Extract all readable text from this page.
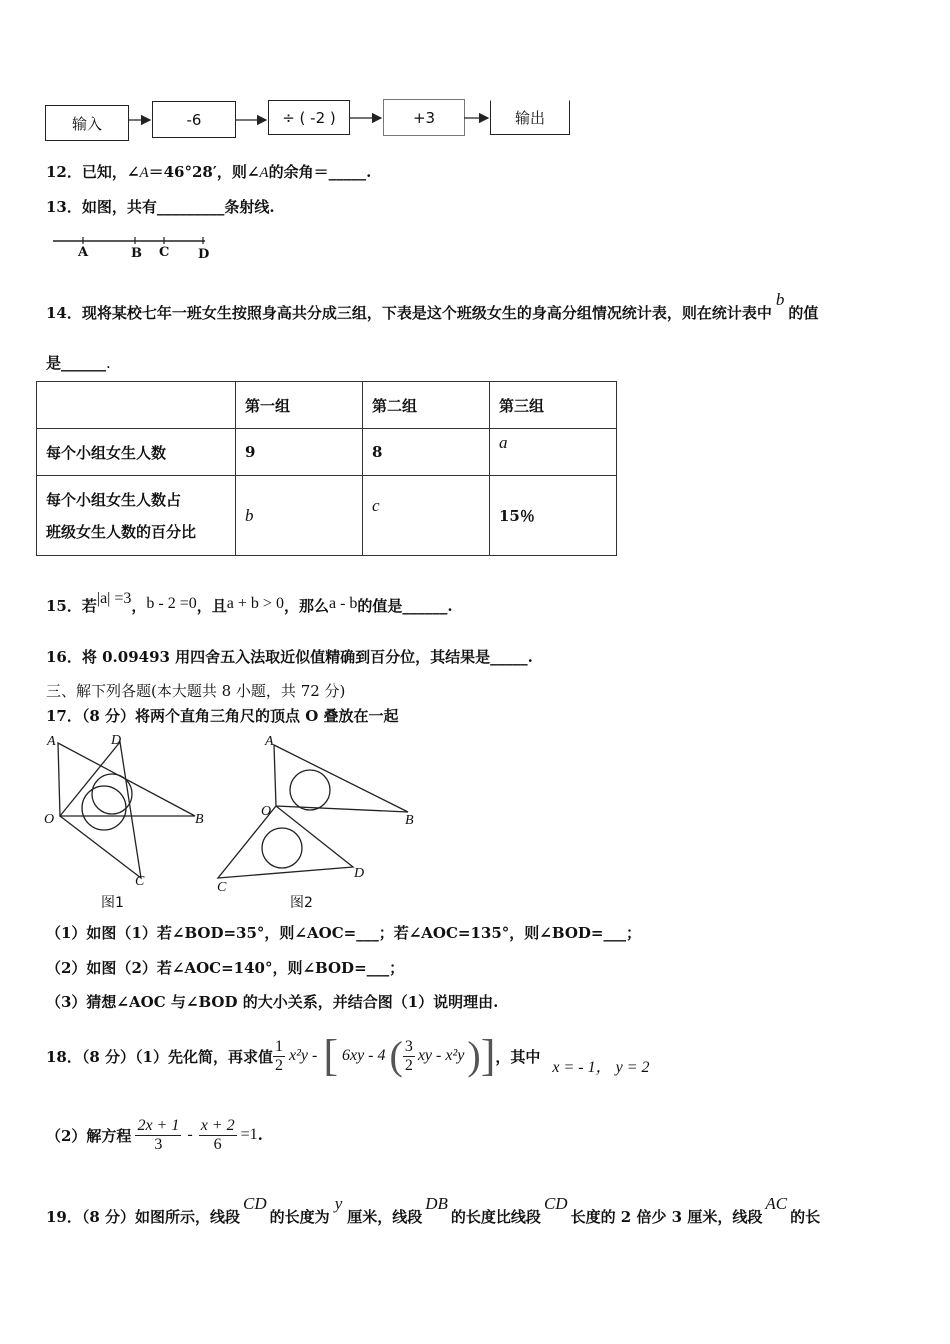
输入	-6	÷ ( -2 )	+3	输出
12．已知，∠A＝46°28′，则∠A的余角＝_____.
13．如图，共有_________条射线.
A	B C D
14．现将某校七年一班女生按照身高共分成三组，下表是这个班级女生的身高分组情况统计表，则在统计表中b的值
是______.
	第一组	第二组	第三组
每个小组女生人数	9	8	a
每个小组女生人数占
班级女生人数的百分比	b	c	15％
15．若|a| =3，b - 2 =0，且a + b > 0，那么a - b的值是______.
16．将 0.09493 用四舍五入法取近似值精确到百分位，其结果是_____.
三、解下列各题(本大题共 8 小题，共 72 分)
17．（8 分）将两个直角三角尺的顶点 O 叠放在一起
A	D
O	B
C
图1
A
O
B
C
D
图2
（1）如图（1）若∠BOD=35°，则∠AOC=___；若∠AOC=135°，则∠BOD=___；
（2）如图（2）若∠AOC=140°，则∠BOD=___；
（3）猜想∠AOC 与∠BOD 的大小关系，并结合图（1）说明理由.
18．（8 分）（1）先化简，再求值 $\frac{1}{2} x^2y$ - [ 6xy - 4 ( $\frac{3}{2}$ xy - x²y ) ] ，其中
x = - 1， y = 2
（2）解方程 $\frac{2x + 1}{3} - \frac{x + 2}{6} =1$ .
19．（8 分）如图所示，线段CD的长度为y厘米，线段DB的长度比线段CD长度的 2 倍少 3 厘米，线段AC的长
